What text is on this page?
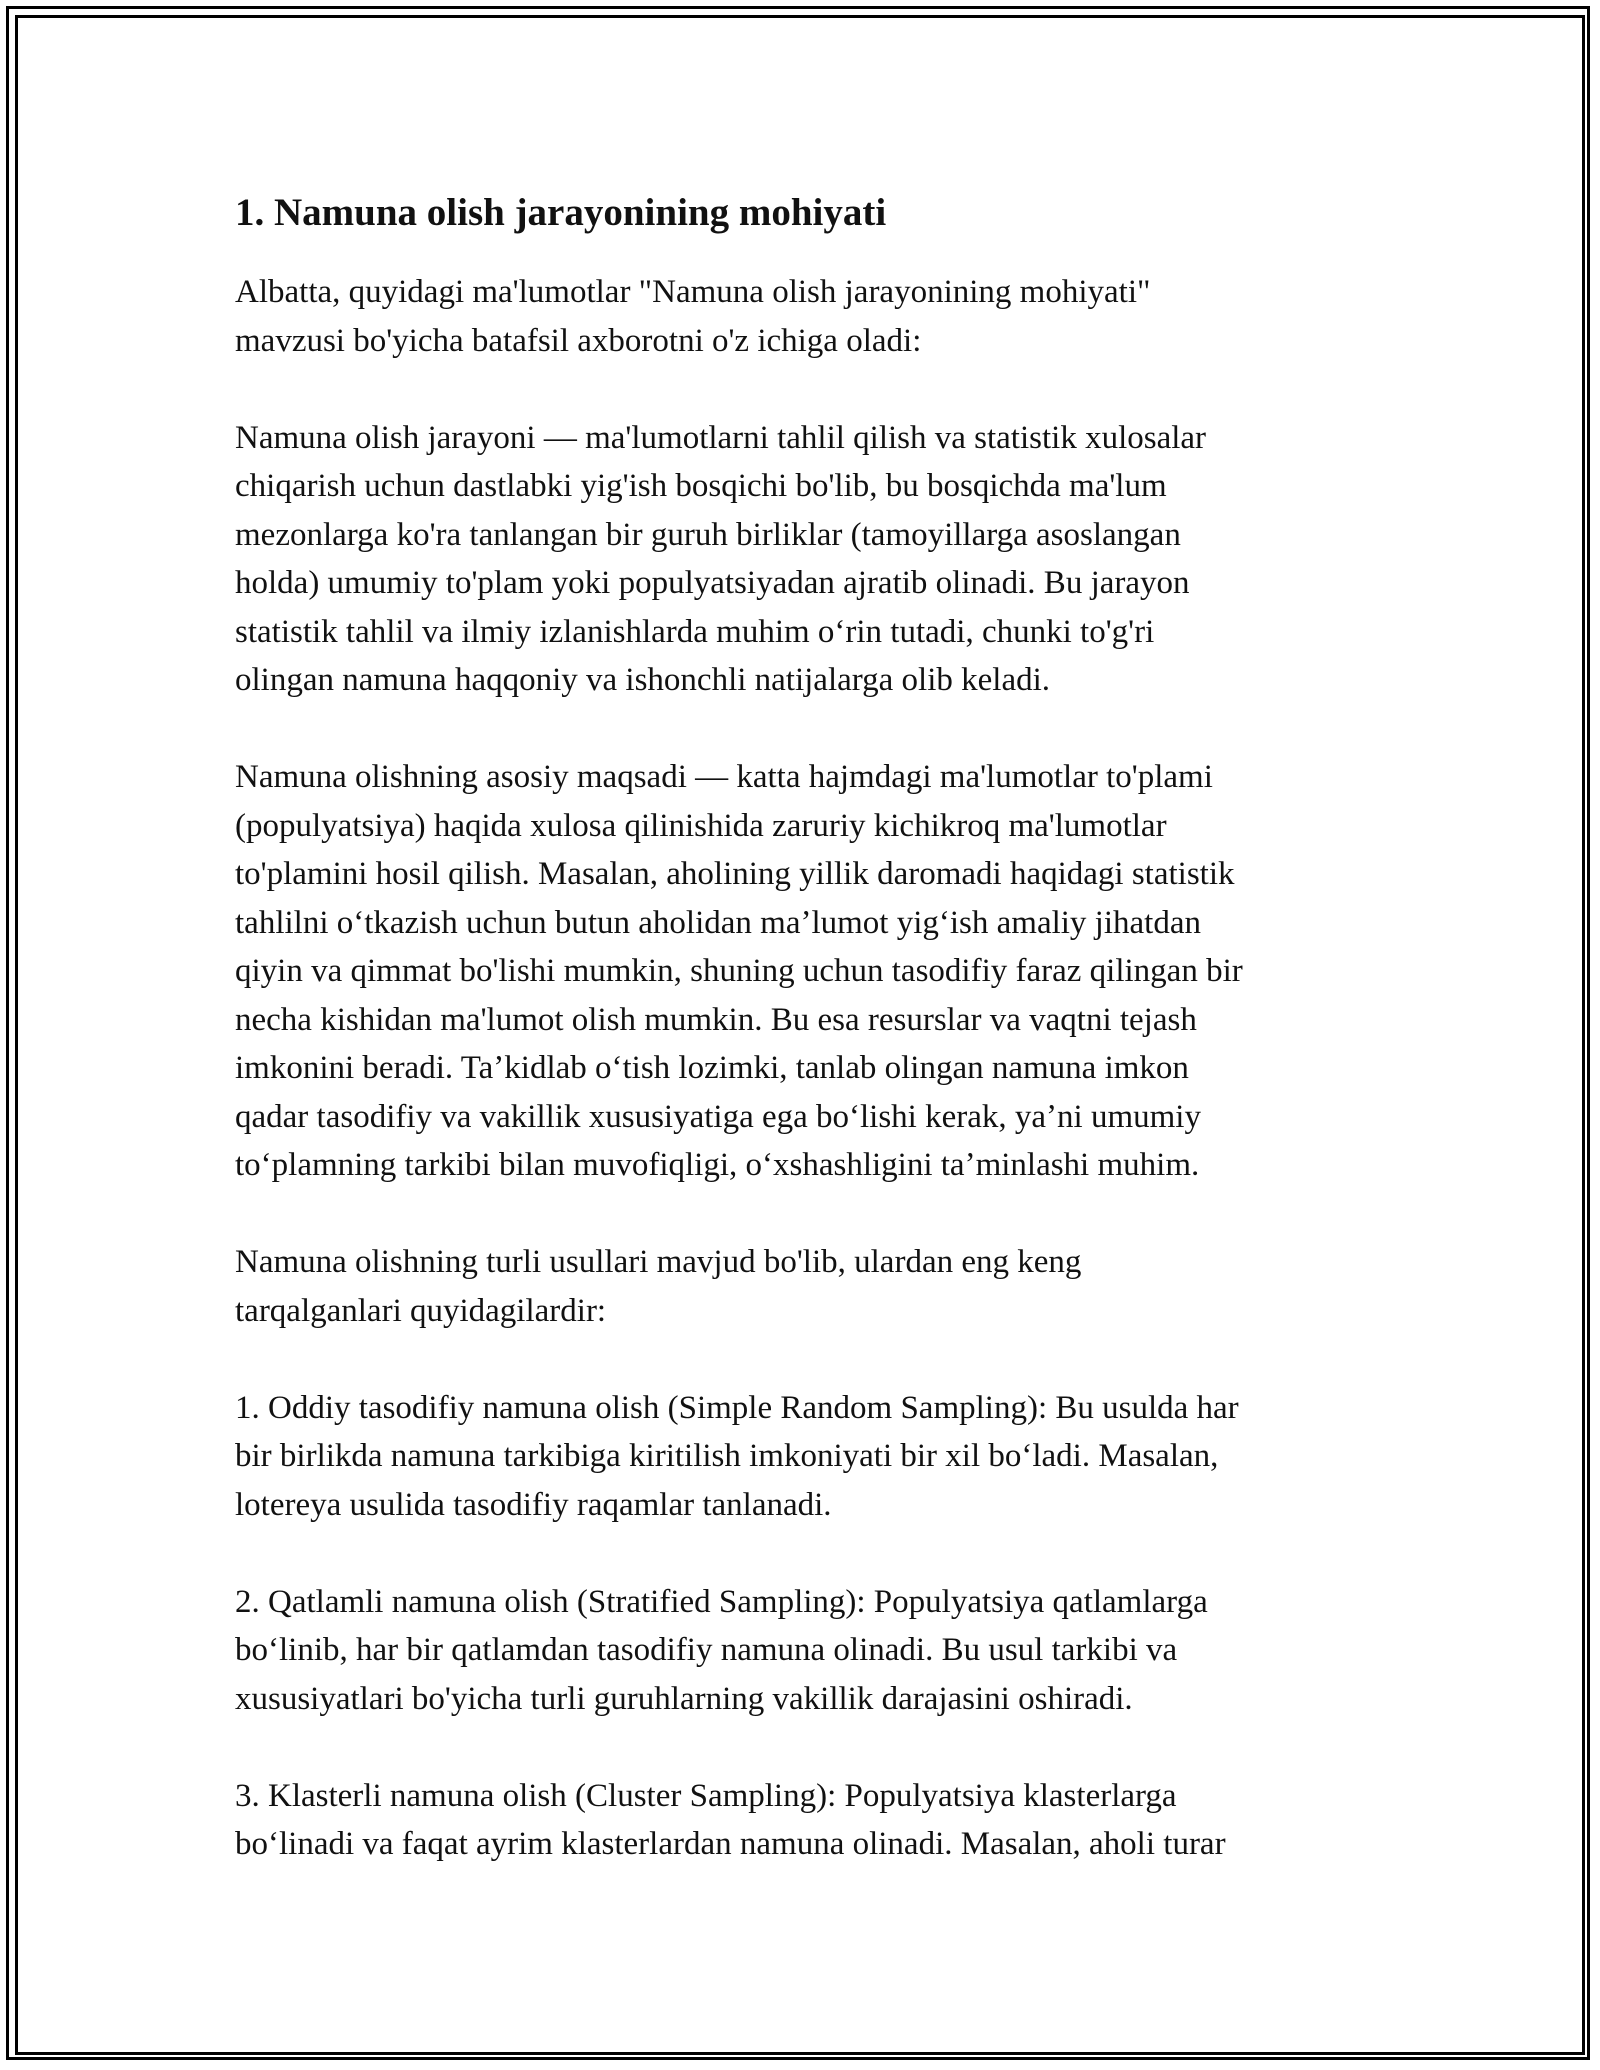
1. Namuna olish jarayonining mohiyati

Albatta, quyidagi ma'lumotlar "Namuna olish jarayonining mohiyati"
mavzusi bo'yicha batafsil axborotni o'z ichiga oladi:

Namuna olish jarayoni — ma'lumotlarni tahlil qilish va statistik xulosalar
chiqarish uchun dastlabki yig'ish bosqichi bo'lib, bu bosqichda ma'lum
mezonlarga ko'ra tanlangan bir guruh birliklar (tamoyillarga asoslangan
holda) umumiy to'plam yoki populyatsiyadan ajratib olinadi. Bu jarayon
statistik tahlil va ilmiy izlanishlarda muhim oʻrin tutadi, chunki to'g'ri
olingan namuna haqqoniy va ishonchli natijalarga olib keladi.

Namuna olishning asosiy maqsadi — katta hajmdagi ma'lumotlar to'plami
(populyatsiya) haqida xulosa qilinishida zaruriy kichikroq ma'lumotlar
to'plamini hosil qilish. Masalan, aholining yillik daromadi haqidagi statistik
tahlilni oʻtkazish uchun butun aholidan maʼlumot yigʻish amaliy jihatdan
qiyin va qimmat bo'lishi mumkin, shuning uchun tasodifiy faraz qilingan bir
necha kishidan ma'lumot olish mumkin. Bu esa resurslar va vaqtni tejash
imkonini beradi. Taʼkidlab oʻtish lozimki, tanlab olingan namuna imkon
qadar tasodifiy va vakillik xususiyatiga ega boʻlishi kerak, yaʼni umumiy
toʻplamning tarkibi bilan muvofiqligi, oʻxshashligini taʼminlashi muhim.

Namuna olishning turli usullari mavjud bo'lib, ulardan eng keng
tarqalganlari quyidagilardir:

1. Oddiy tasodifiy namuna olish (Simple Random Sampling): Bu usulda har
bir birlikda namuna tarkibiga kiritilish imkoniyati bir xil boʻladi. Masalan,
lotereya usulida tasodifiy raqamlar tanlanadi.

2. Qatlamli namuna olish (Stratified Sampling): Populyatsiya qatlamlarga
boʻlinib, har bir qatlamdan tasodifiy namuna olinadi. Bu usul tarkibi va
xususiyatlari bo'yicha turli guruhlarning vakillik darajasini oshiradi.

3. Klasterli namuna olish (Cluster Sampling): Populyatsiya klasterlarga
boʻlinadi va faqat ayrim klasterlardan namuna olinadi. Masalan, aholi turar
